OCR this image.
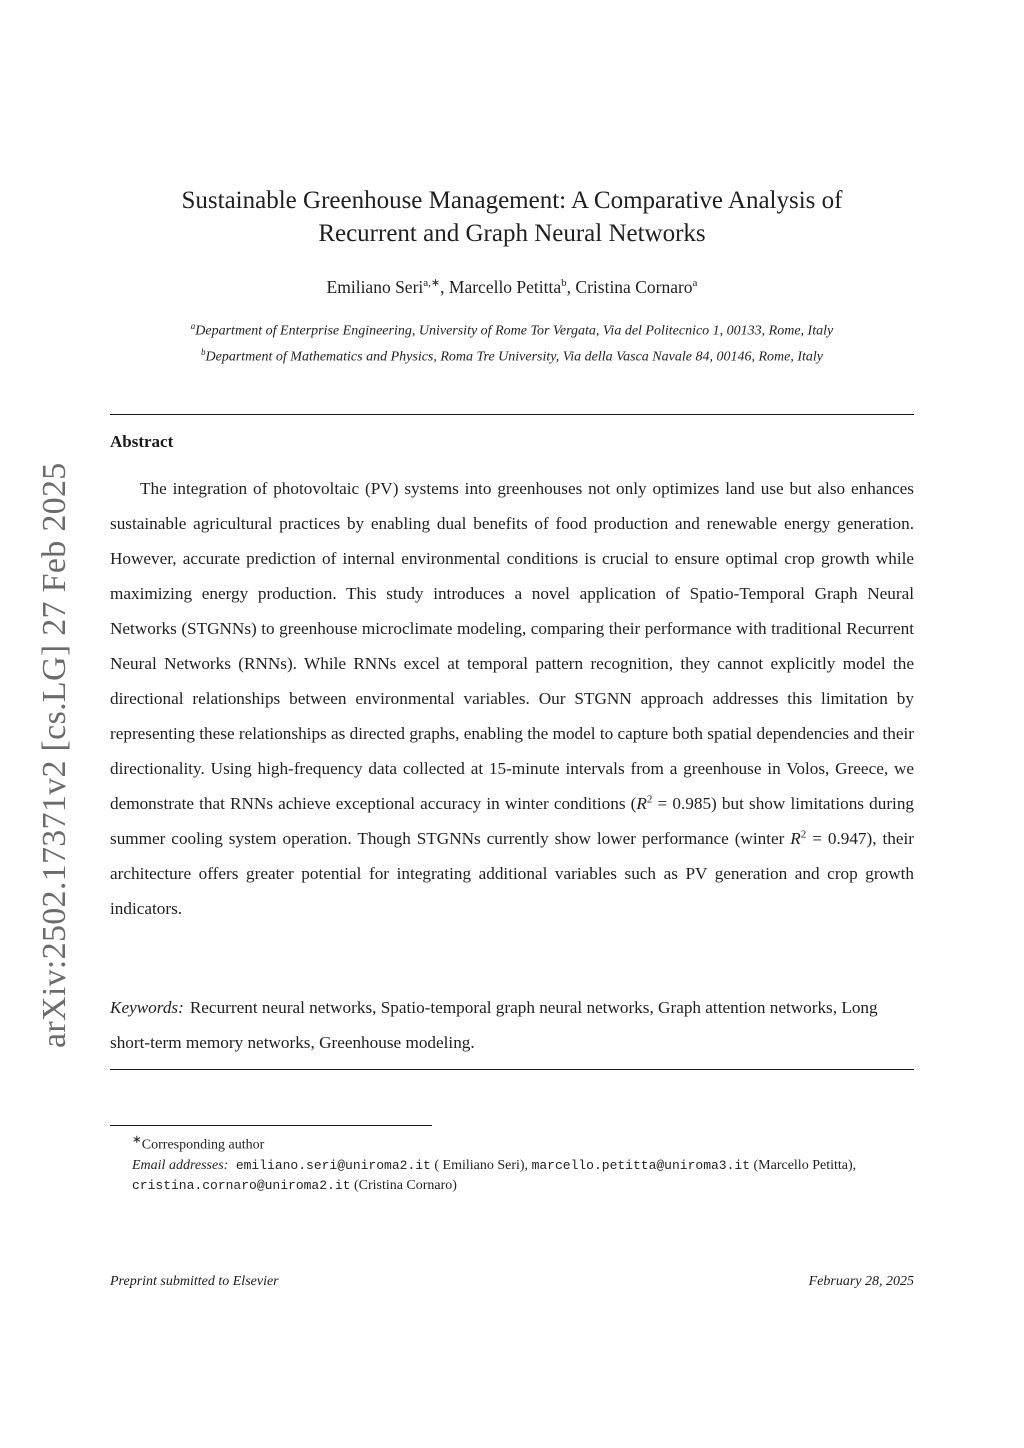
arXiv:2502.17371v2 [cs.LG] 27 Feb 2025
Sustainable Greenhouse Management: A Comparative Analysis of
Recurrent and Graph Neural Networks
Emiliano Seri$^{a,∗}$, Marcello Petitta$^b$, Cristina Cornaro$^a$
$^a$Department of Enterprise Engineering, University of Rome Tor Vergata, Via del Politecnico 1, 00133, Rome, Italy
$^b$Department of Mathematics and Physics, Roma Tre University, Via della Vasca Navale 84, 00146, Rome, Italy
Abstract
The integration of photovoltaic (PV) systems into greenhouses not only optimizes land use but also enhances sustainable agricultural practices by enabling dual benefits of food production and renewable energy generation. However, accurate prediction of internal environmental conditions is crucial to ensure optimal crop growth while maximizing energy production. This study introduces a novel application of Spatio-Temporal Graph Neural Networks (STGNNs) to greenhouse microclimate modeling, comparing their performance with traditional Recurrent Neural Networks (RNNs). While RNNs excel at temporal pattern recognition, they cannot explicitly model the directional relationships between environmental variables. Our STGNN approach addresses this limitation by representing these relationships as directed graphs, enabling the model to capture both spatial dependencies and their directionality. Using high-frequency data collected at 15-minute intervals from a greenhouse in Volos, Greece, we demonstrate that RNNs achieve exceptional accuracy in winter conditions $(R^2 = 0.985)$ but show limitations during summer cooling system operation. Though STGNNs currently show lower performance (winter $R^2 = 0.947$), their architecture offers greater potential for integrating additional variables such as PV generation and crop growth indicators.
Keywords: Recurrent neural networks, Spatio-temporal graph neural networks, Graph attention networks, Long short-term memory networks, Greenhouse modeling.
∗Corresponding author
Email addresses: emiliano.seri@uniroma2.it ( Emiliano Seri), marcello.petitta@uniroma3.it (Marcello Petitta), cristina.cornaro@uniroma2.it (Cristina Cornaro)
Preprint submitted to Elsevier	February 28, 2025
